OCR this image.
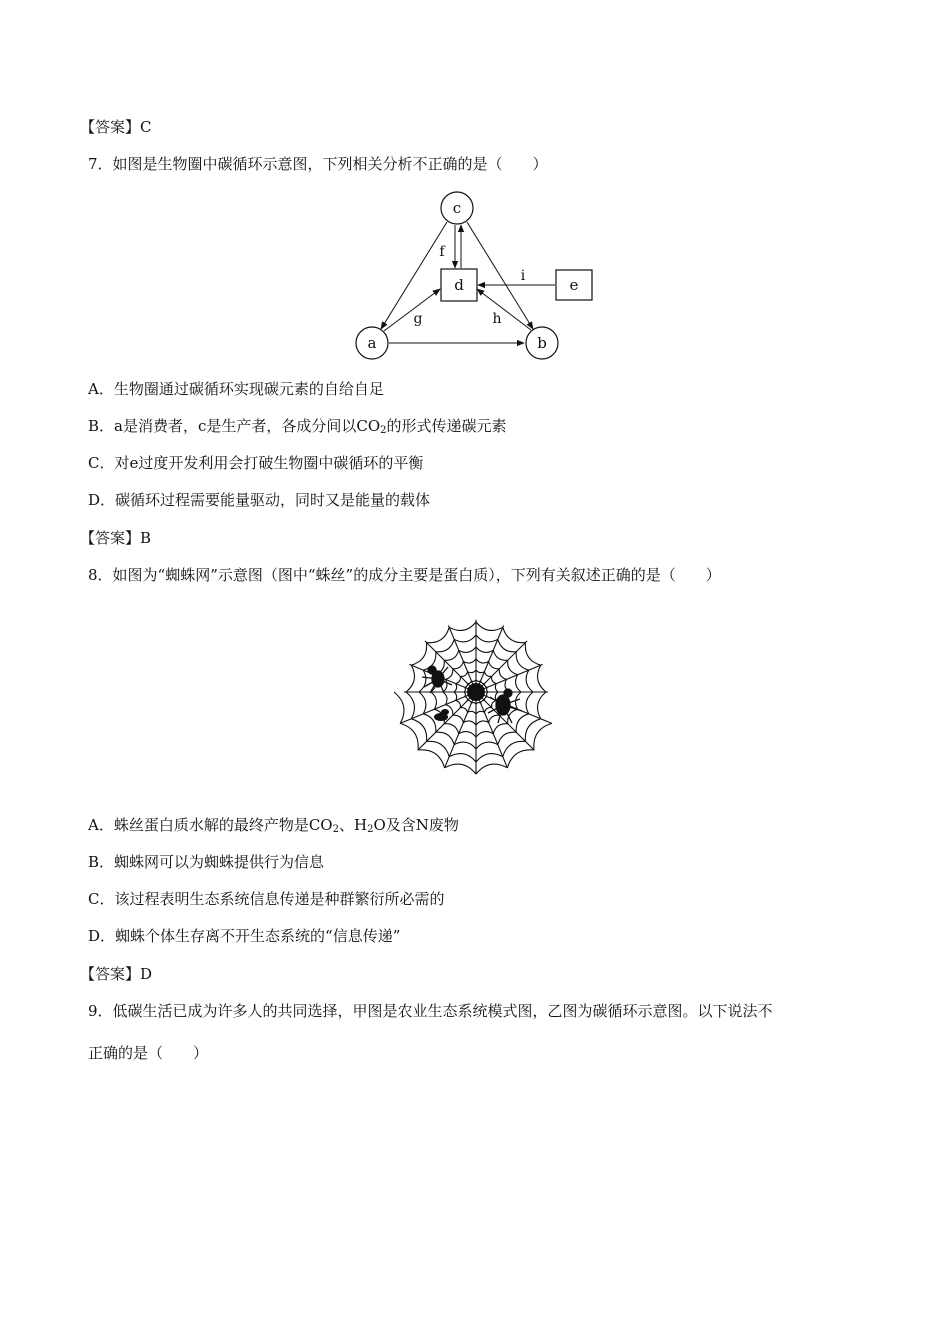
【答案】C
7．如图是生物圈中碳循环示意图，下列相关分析不正确的是（　　）
c
d	e
a	b
f
g	h
i
A．生物圈通过碳循环实现碳元素的自给自足
B．a是消费者，c是生产者，各成分间以$CO_2$的形式传递碳元素
C．对e过度开发利用会打破生物圈中碳循环的平衡
D．碳循环过程需要能量驱动，同时又是能量的载体
【答案】B
8．如图为“蜘蛛网”示意图（图中“蛛丝”的成分主要是蛋白质），下列有关叙述正确的是（　　）
A．蛛丝蛋白质水解的最终产物是$CO_2$、$H_2O$及含N废物
B．蜘蛛网可以为蜘蛛提供行为信息
C．该过程表明生态系统信息传递是种群繁衍所必需的
D．蜘蛛个体生存离不开生态系统的“信息传递”
【答案】D
9．低碳生活已成为许多人的共同选择，甲图是农业生态系统模式图，乙图为碳循环示意图。以下说法不
正确的是（　　）
